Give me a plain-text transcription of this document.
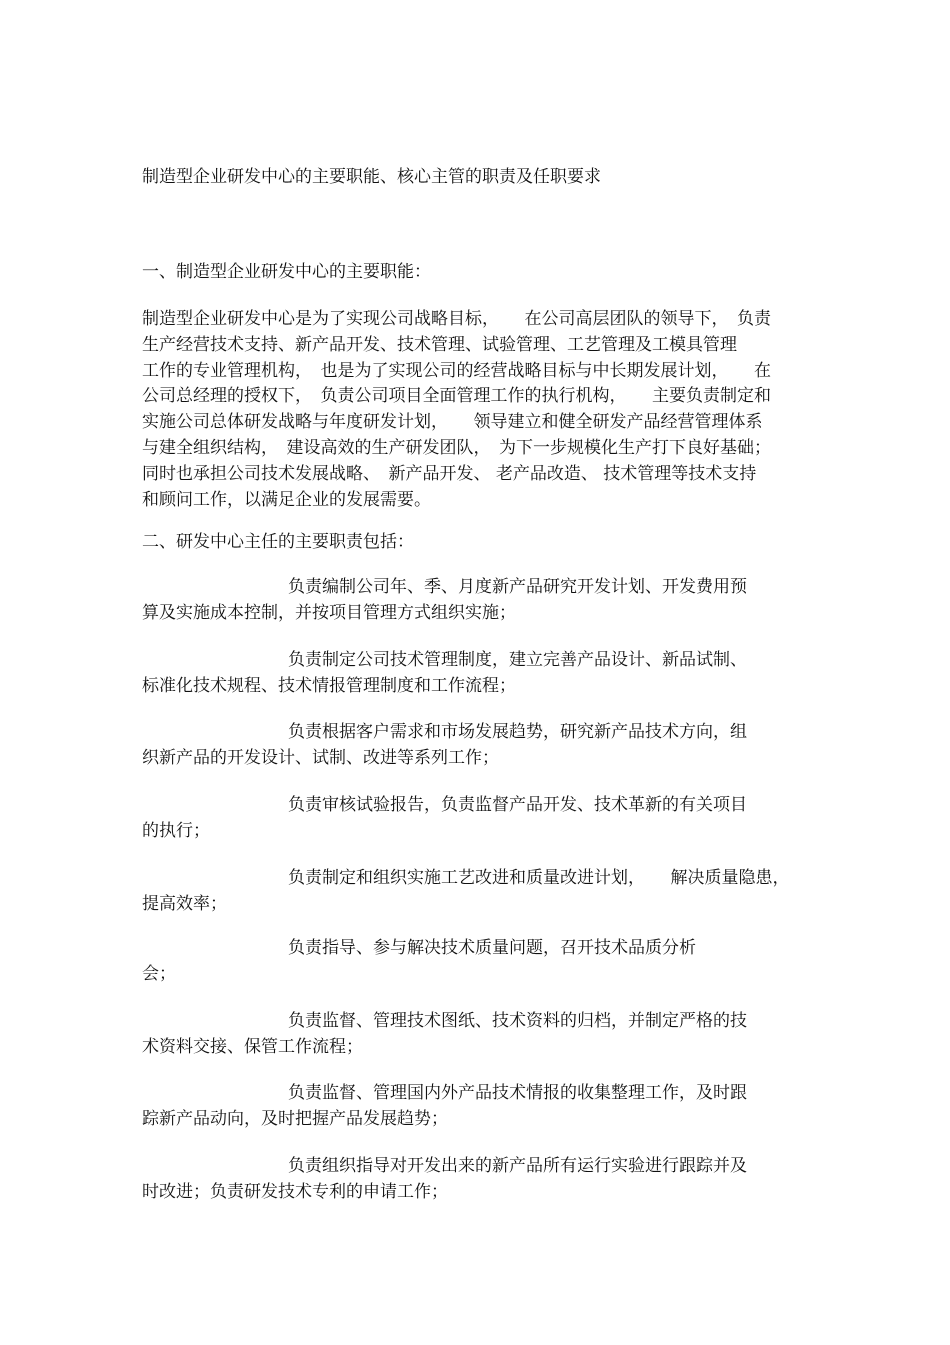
制造型企业研发中心的主要职能、核心主管的职责及任职要求
一、制造型企业研发中心的主要职能：
制造型企业研发中心是为了实现公司战略目标，　　在公司高层团队的领导下，　负责
生产经营技术支持、新产品开发、技术管理、试验管理、工艺管理及工模具管理
工作的专业管理机构，　也是为了实现公司的经营战略目标与中长期发展计划，　　在
公司总经理的授权下，　负责公司项目全面管理工作的执行机构，　　主要负责制定和
实施公司总体研发战略与年度研发计划，　　领导建立和健全研发产品经营管理体系
与建全组织结构，　建设高效的生产研发团队，　为下一步规模化生产打下良好基础；
同时也承担公司技术发展战略、　新产品开发、 老产品改造、 技术管理等技术支持
和顾问工作，以满足企业的发展需要。
二、研发中心主任的主要职责包括：
负责编制公司年、季、月度新产品研究开发计划、开发费用预
算及实施成本控制，并按项目管理方式组织实施；
负责制定公司技术管理制度，建立完善产品设计、新品试制、
标准化技术规程、技术情报管理制度和工作流程；
负责根据客户需求和市场发展趋势，研究新产品技术方向，组
织新产品的开发设计、试制、改进等系列工作；
负责审核试验报告，负责监督产品开发、技术革新的有关项目
的执行；
负责制定和组织实施工艺改进和质量改进计划，　　解决质量隐患，
提高效率；
负责指导、参与解决技术质量问题，召开技术品质分析
会；
负责监督、管理技术图纸、技术资料的归档，并制定严格的技
术资料交接、保管工作流程；
负责监督、管理国内外产品技术情报的收集整理工作，及时跟
踪新产品动向，及时把握产品发展趋势；
负责组织指导对开发出来的新产品所有运行实验进行跟踪并及
时改进；负责研发技术专利的申请工作；
